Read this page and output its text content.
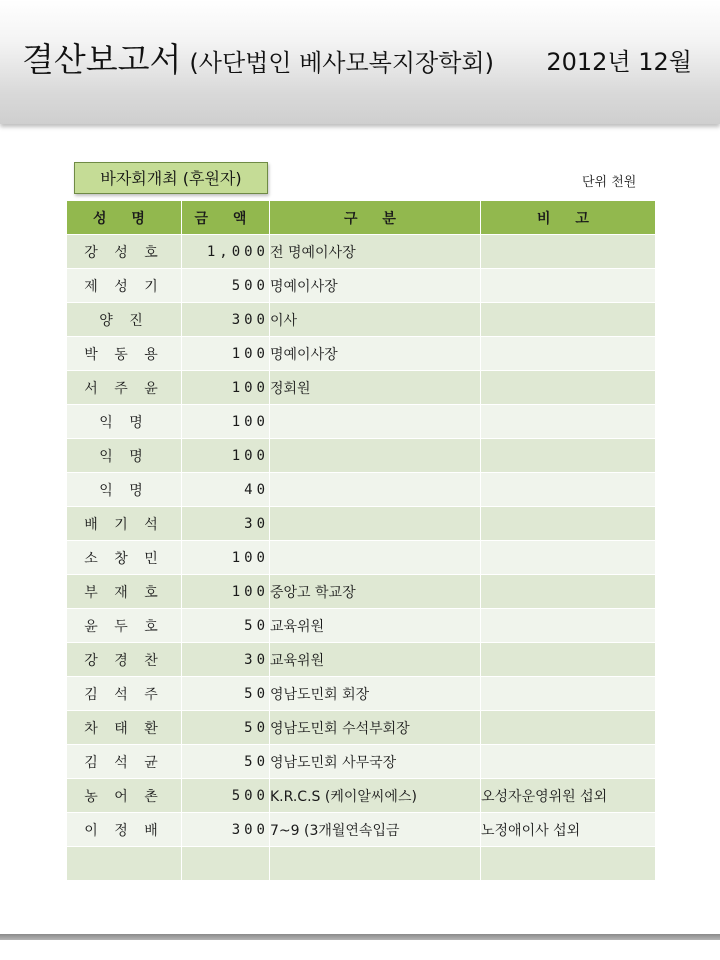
결산보고서 (사단법인 베사모복지장학회) 2012년 12월
바자회개최 (후원자)	단위 천원
성 명	금 액	구 분	비 고
강 성 호	1,000	전 명예이사장	
제 성 기	500	명예이사장	
양 진	300	이사	
박 동 용	100	명예이사장	
서 주 윤	100	정회원	
익 명	100		
익 명	100		
익 명	40		
배 기 석	30		
소 창 민	100		
부 재 호	100	중앙고 학교장	
윤 두 호	50	교육위원	
강 경 찬	30	교육위원	
김 석 주	50	영남도민회 회장	
차 태 환	50	영남도민회 수석부회장	
김 석 균	50	영남도민회 사무국장	
농 어 촌	500	K.R.C.S (케이알씨에스)	오성자운영위원 섭외
이 정 배	300	7~9 (3개월연속입금	노정애이사 섭외
